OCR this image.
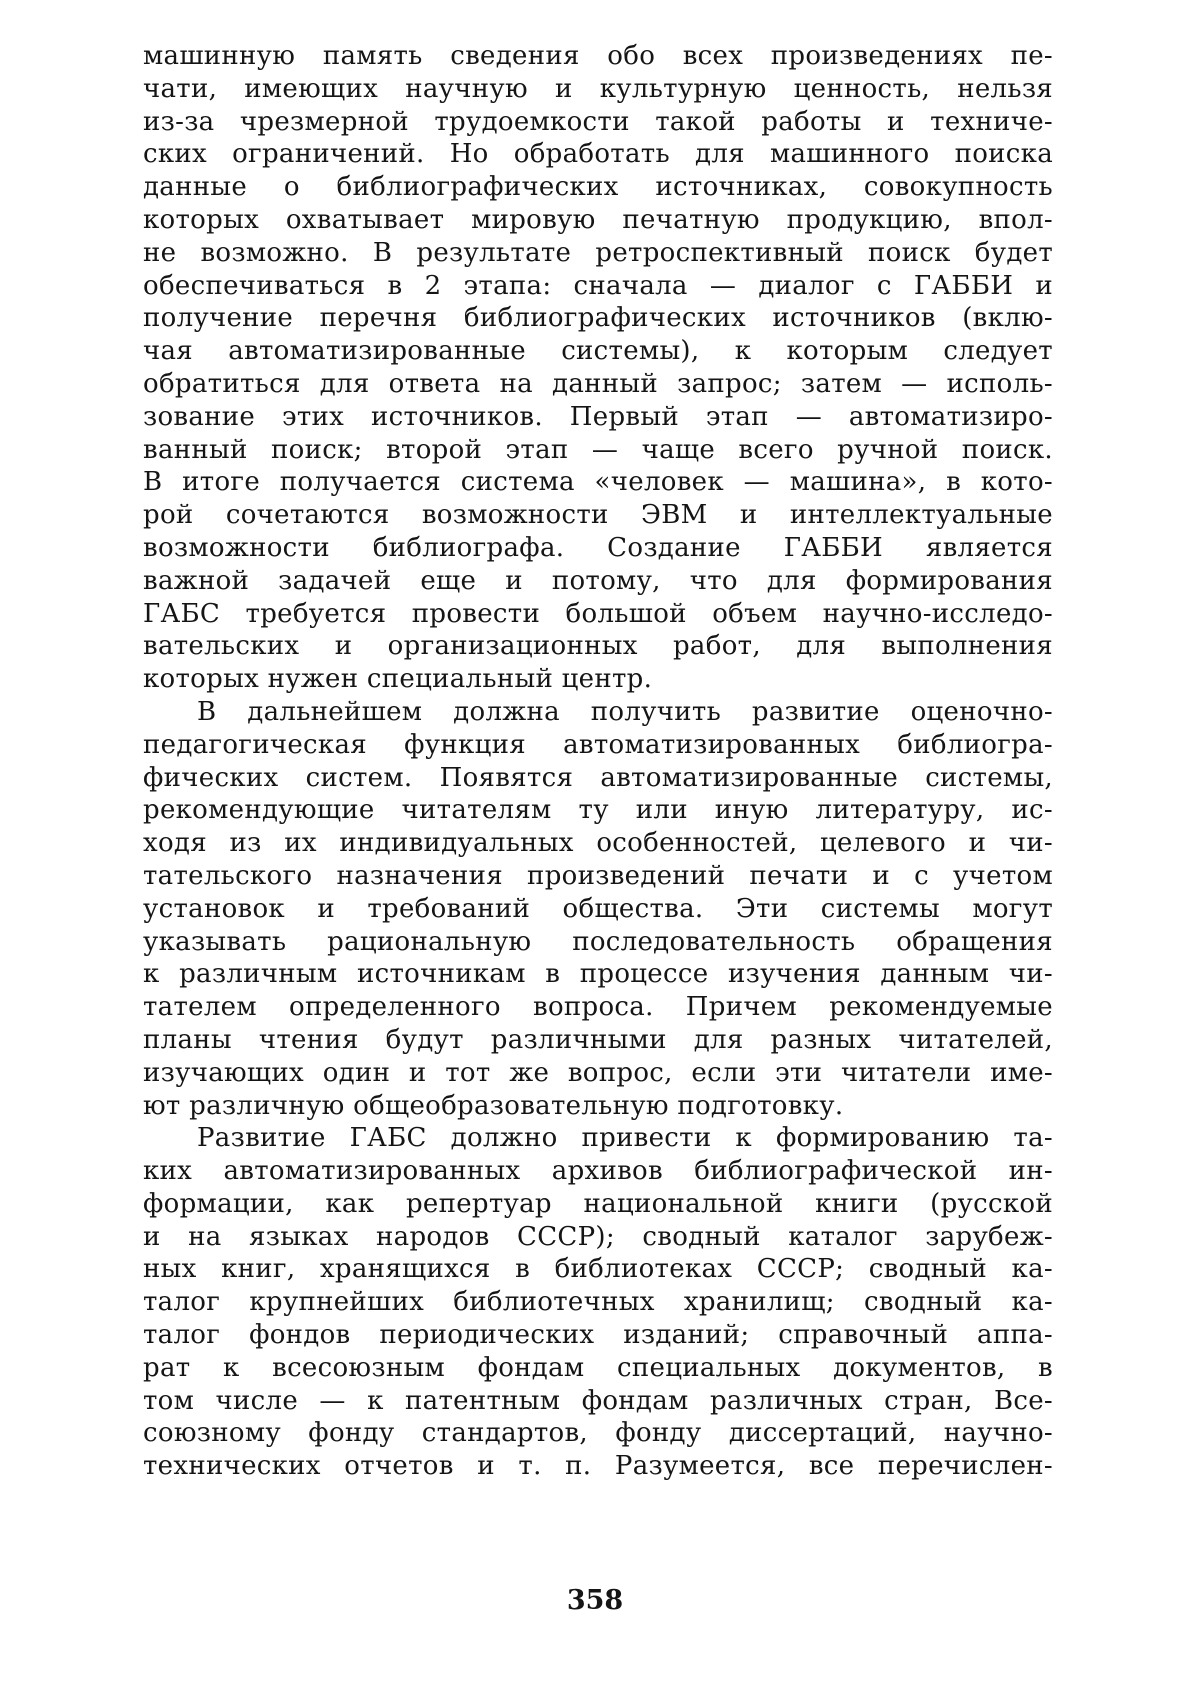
машинную память сведения обо всех произведениях пе-
чати, имеющих научную и культурную ценность, нельзя
из-за чрезмерной трудоемкости такой работы и техниче-
ских ограничений. Но обработать для машинного поиска
данные о библиографических источниках, совокупность
которых охватывает мировую печатную продукцию, впол-
не возможно. В результате ретроспективный поиск будет
обеспечиваться в 2 этапа: сначала — диалог с ГАББИ и
получение перечня библиографических источников (вклю-
чая автоматизированные системы), к которым следует
обратиться для ответа на данный запрос; затем — исполь-
зование этих источников. Первый этап — автоматизиро-
ванный поиск; второй этап — чаще всего ручной поиск.
В итоге получается система «человек — машина», в кото-
рой сочетаются возможности ЭВМ и интеллектуальные
возможности библиографа. Создание ГАББИ является
важной задачей еще и потому, что для формирования
ГАБС требуется провести большой объем научно-исследо-
вательских и организационных работ, для выполнения
которых нужен специальный центр.
В дальнейшем должна получить развитие оценочно-
педагогическая функция автоматизированных библиогра-
фических систем. Появятся автоматизированные системы,
рекомендующие читателям ту или иную литературу, ис-
ходя из их индивидуальных особенностей, целевого и чи-
тательского назначения произведений печати и с учетом
установок и требований общества. Эти системы могут
указывать рациональную последовательность обращения
к различным источникам в процессе изучения данным чи-
тателем определенного вопроса. Причем рекомендуемые
планы чтения будут различными для разных читателей,
изучающих один и тот же вопрос, если эти читатели име-
ют различную общеобразовательную подготовку.
Развитие ГАБС должно привести к формированию та-
ких автоматизированных архивов библиографической ин-
формации, как репертуар национальной книги (русской
и на языках народов СССР); сводный каталог зарубеж-
ных книг, хранящихся в библиотеках СССР; сводный ка-
талог крупнейших библиотечных хранилищ; сводный ка-
талог фондов периодических изданий; справочный аппа-
рат к всесоюзным фондам специальных документов, в
том числе — к патентным фондам различных стран, Все-
союзному фонду стандартов, фонду диссертаций, научно-
технических отчетов и т. п. Разумеется, все перечислен-
358
